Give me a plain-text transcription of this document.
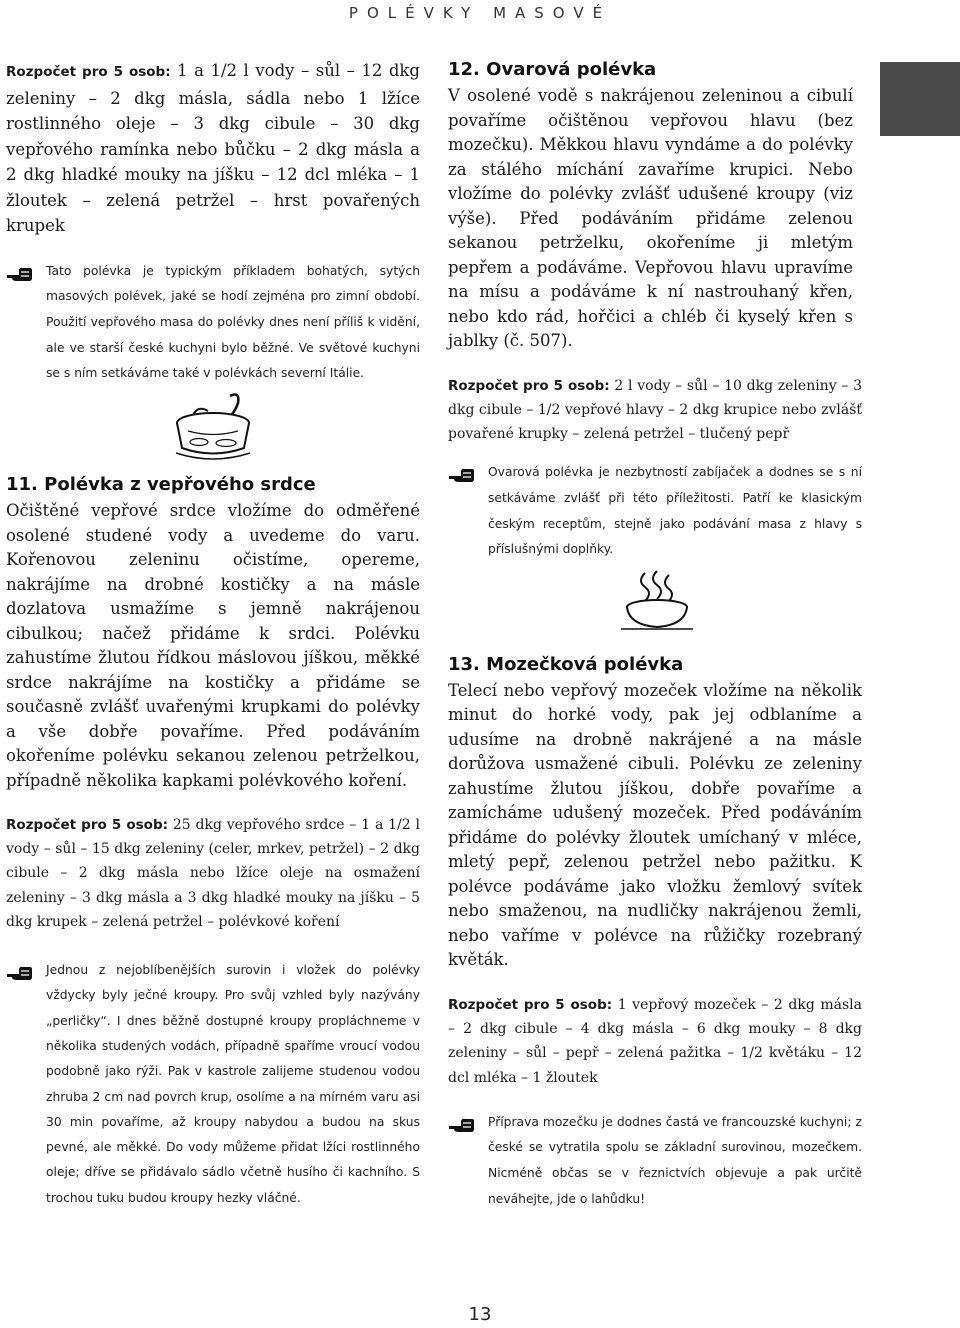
POLÉVKY MASOVÉ

Rozpočet pro 5 osob: 1 a 1/2 l vody – sůl – 12 dkg zeleniny – 2 dkg másla, sádla nebo 1 lžíce rostlinného oleje – 3 dkg cibule – 30 dkg vepřového ramínka nebo bůčku – 2 dkg másla a 2 dkg hladké mouky na jíšku – 12 dcl mléka – 1 žloutek – zelená petržel – hrst povařených krupek

Tato polévka je typickým příkladem bohatých, sytých masových polévek, jaké se hodí zejména pro zimní období. Použití vepřového masa do polévky dnes není příliš k vidění, ale ve starší české kuchyni bylo běžné. Ve světové kuchyni se s ním setkáváme také v polévkách severní Itálie.

11. Polévka z vepřového srdce

Očištěné vepřové srdce vložíme do odměřené osolené studené vody a uvedeme do varu. Kořenovou zeleninu očistíme, opereme, nakrájíme na drobné kostičky a na másle dozlatova usmažíme s jemně nakrájenou cibulkou; načež přidáme k srdci. Polévku zahustíme žlutou řídkou máslovou jíškou, měkké srdce nakrájíme na kostičky a přidáme se současně zvlášť uvařenými krupkami do polévky a vše dobře povaříme. Před podáváním okořeníme polévku sekanou zelenou petrželkou, případně několika kapkami polévkového koření.

Rozpočet pro 5 osob: 25 dkg vepřového srdce – 1 a 1/2 l vody – sůl – 15 dkg zeleniny (celer, mrkev, petržel) – 2 dkg cibule – 2 dkg másla nebo lžíce oleje na osmažení zeleniny – 3 dkg másla a 3 dkg hladké mouky na jíšku – 5 dkg krupek – zelená petržel – polévkové koření

Jednou z nejoblíbenějších surovin i vložek do polévky vždycky byly ječné kroupy. Pro svůj vzhled byly nazývány „perličky“. I dnes běžně dostupné kroupy propláchneme v několika studených vodách, případně spaříme vroucí vodou podobně jako rýži. Pak v kastrole zalijeme studenou vodou zhruba 2 cm nad povrch krup, osolíme a na mírném varu asi 30 min povaříme, až kroupy nabydou a budou na skus pevné, ale měkké. Do vody můžeme přidat lžíci rostlinného oleje; dříve se přidávalo sádlo včetně husího či kachního. S trochou tuku budou kroupy hezky vláčné.

12. Ovarová polévka

V osolené vodě s nakrájenou zeleninou a cibulí povaříme očištěnou vepřovou hlavu (bez mozečku). Měkkou hlavu vyndáme a do polévky za stálého míchání zavaříme krupici. Nebo vložíme do polévky zvlášť udušené kroupy (viz výše). Před podáváním přidáme zelenou sekanou petrželku, okořeníme ji mletým pepřem a podáváme. Vepřovou hlavu upravíme na mísu a podáváme k ní nastrouhaný křen, nebo kdo rád, hořčici a chléb či kyselý křen s jablky (č. 507).

Rozpočet pro 5 osob: 2 l vody – sůl – 10 dkg zeleniny – 3 dkg cibule – 1/2 vepřové hlavy – 2 dkg krupice nebo zvlášť povařené krupky – zelená petržel – tlučený pepř

Ovarová polévka je nezbytností zabíjaček a dodnes se s ní setkáváme zvlášť při této příležitosti. Patří ke klasickým českým receptům, stejně jako podávání masa z hlavy s příslušnými doplňky.

13. Mozečková polévka

Telecí nebo vepřový mozeček vložíme na několik minut do horké vody, pak jej odblaníme a udusíme na drobně nakrájené a na másle dorůžova usmažené cibuli. Polévku ze zeleniny zahustíme žlutou jíškou, dobře povaříme a zamícháme udušený mozeček. Před podáváním přidáme do polévky žloutek umíchaný v mléce, mletý pepř, zelenou petržel nebo pažitku. K polévce podáváme jako vložku žemlový svítek nebo smaženou, na nudličky nakrájenou žemli, nebo vaříme v polévce na růžičky rozebraný květák.

Rozpočet pro 5 osob: 1 vepřový mozeček – 2 dkg másla – 2 dkg cibule – 4 dkg másla – 6 dkg mouky – 8 dkg zeleniny – sůl – pepř – zelená pažitka – 1/2 květáku – 12 dcl mléka – 1 žloutek

Příprava mozečku je dodnes častá ve francouzské kuchyni; z české se vytratila spolu se základní surovinou, mozečkem. Nicméně občas se v řeznictvích objevuje a pak určitě neváhejte, jde o lahůdku!

13
